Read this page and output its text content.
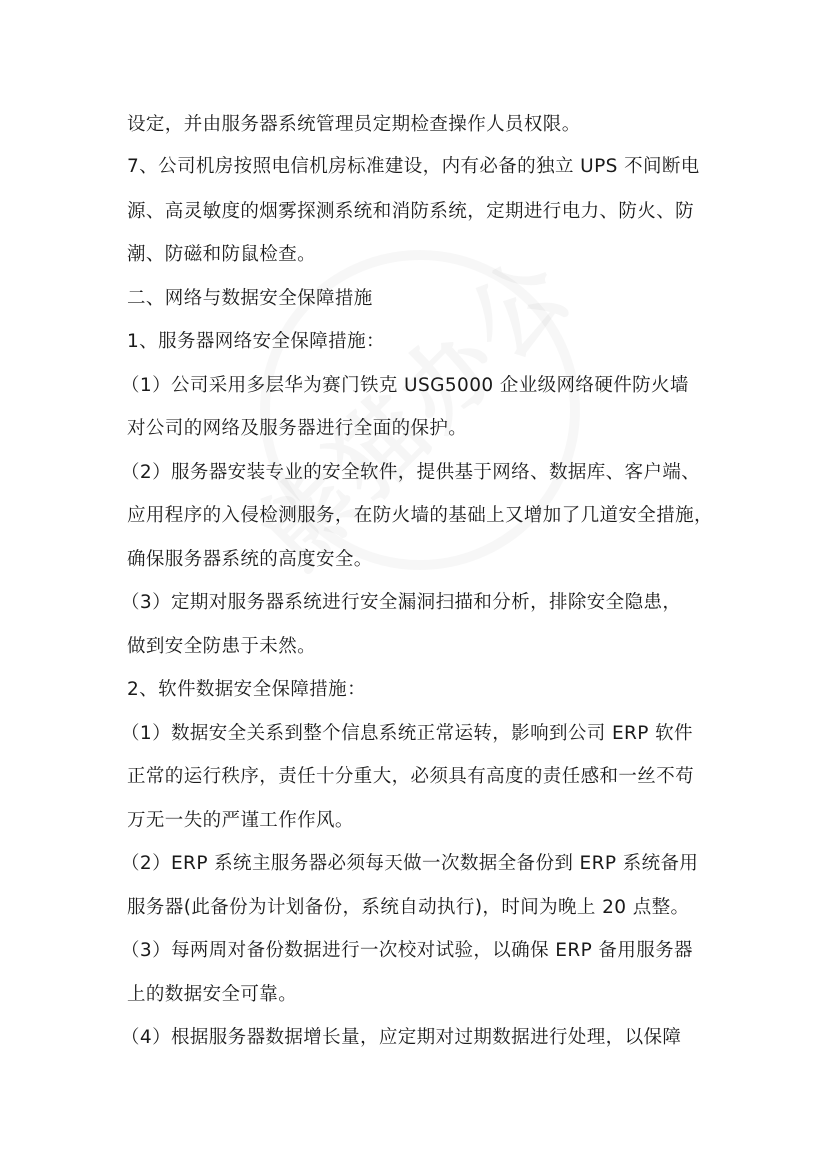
设定，并由服务器系统管理员定期检查操作人员权限。
7、公司机房按照电信机房标准建设，内有必备的独立 UPS 不间断电
源、高灵敏度的烟雾探测系统和消防系统，定期进行电力、防火、防
潮、防磁和防鼠检查。
二、网络与数据安全保障措施
1、服务器网络安全保障措施：
（1）公司采用多层华为赛门铁克 USG5000 企业级网络硬件防火墙
对公司的网络及服务器进行全面的保护。
（2）服务器安装专业的安全软件，提供基于网络、数据库、客户端、
应用程序的入侵检测服务，在防火墙的基础上又增加了几道安全措施，
确保服务器系统的高度安全。
（3）定期对服务器系统进行安全漏洞扫描和分析，排除安全隐患，
做到安全防患于未然。
2、软件数据安全保障措施：
（1）数据安全关系到整个信息系统正常运转，影响到公司 ERP 软件
正常的运行秩序，责任十分重大，必须具有高度的责任感和一丝不苟
万无一失的严谨工作作风。
（2）ERP 系统主服务器必须每天做一次数据全备份到 ERP 系统备用
服务器(此备份为计划备份，系统自动执行)，时间为晚上 20 点整。
（3）每两周对备份数据进行一次校对试验，以确保 ERP 备用服务器
上的数据安全可靠。
（4）根据服务器数据增长量，应定期对过期数据进行处理，以保障
